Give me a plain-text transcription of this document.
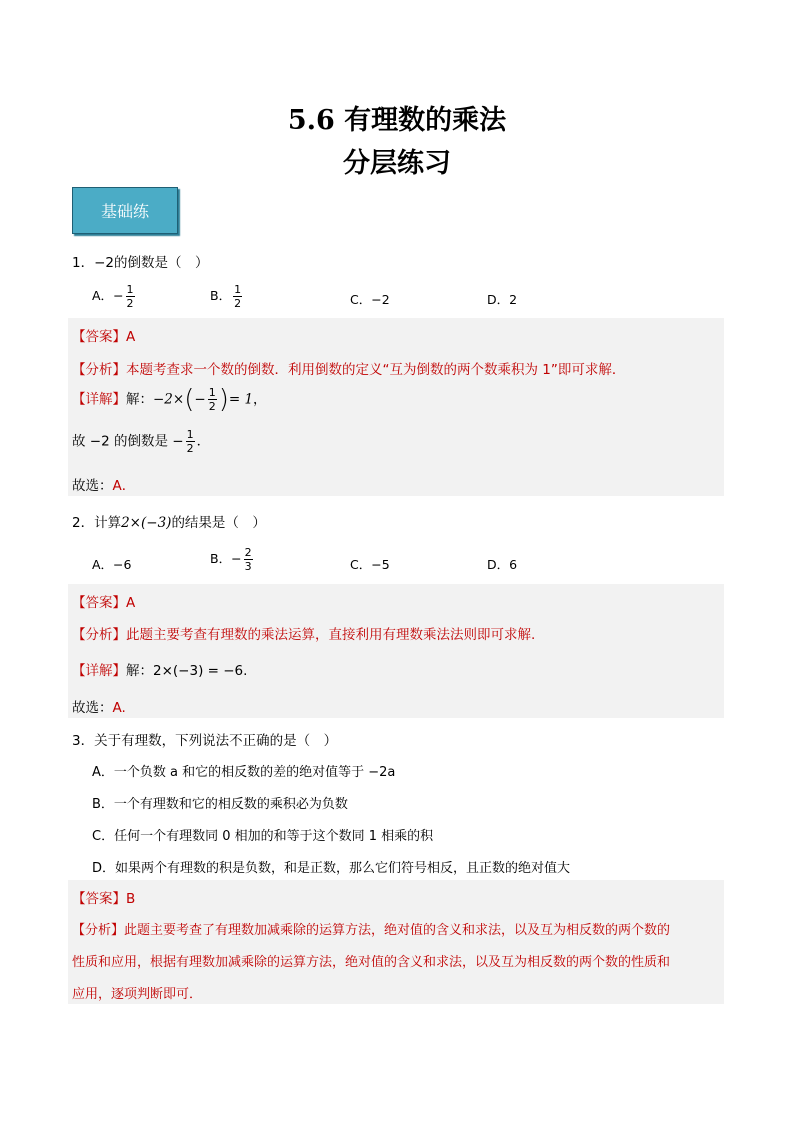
5.6 有理数的乘法
分层练习
基础练
1．−2的倒数是（　）
A．− $\frac{1}{2}$	B． $\frac{1}{2}$	C．−2	D．2
【答案】A
【分析】本题考查求一个数的倒数．利用倒数的定义“互为倒数的两个数乘积为 1”即可求解．
【详解】解：$-2\times(- \frac{1}{2}$ )= 1，
故 −2 的倒数是 − $\frac{1}{2}$ ．
故选：A．
2．计算2×(−3)的结果是（　）
A．−6	B．− $\frac{2}{3}$	C．−5	D．6
【答案】A
【分析】此题主要考查有理数的乘法运算，直接利用有理数乘法法则即可求解.
【详解】解：2×(−3) = −6.
故选：A.
3．关于有理数，下列说法不正确的是（　）
A．一个负数 a 和它的相反数的差的绝对值等于 −2a
B．一个有理数和它的相反数的乘积必为负数
C．任何一个有理数同 0 相加的和等于这个数同 1 相乘的积
D．如果两个有理数的积是负数，和是正数，那么它们符号相反，且正数的绝对值大
【答案】B
【分析】此题主要考查了有理数加减乘除的运算方法，绝对值的含义和求法，以及互为相反数的两个数的
性质和应用，根据有理数加减乘除的运算方法，绝对值的含义和求法，以及互为相反数的两个数的性质和
应用，逐项判断即可．
